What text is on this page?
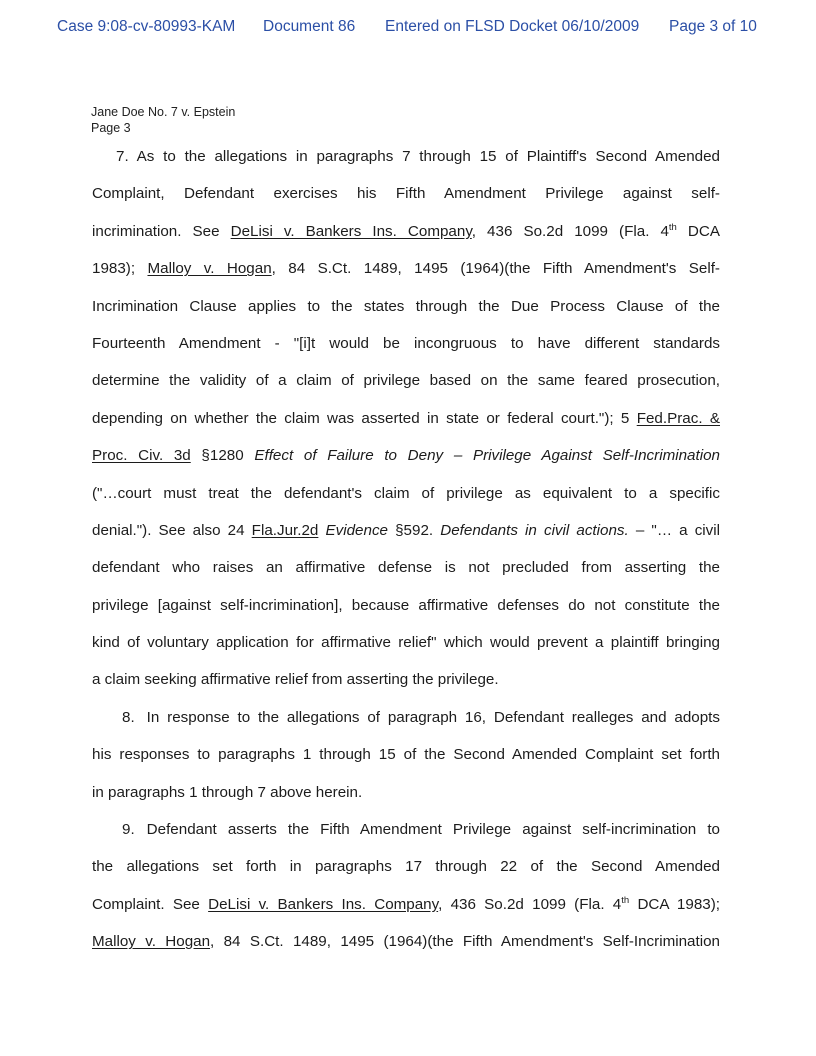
Case 9:08-cv-80993-KAM Document 86 Entered on FLSD Docket 06/10/2009 Page 3 of 10
Jane Doe No. 7 v. Epstein
Page 3
7. As to the allegations in paragraphs 7 through 15 of Plaintiff's Second Amended
Complaint, Defendant exercises his Fifth Amendment Privilege against self-
incrimination. See DeLisi v. Bankers Ins. Company, 436 So.2d 1099 (Fla. 4th DCA
1983); Malloy v. Hogan, 84 S.Ct. 1489, 1495 (1964)(the Fifth Amendment's Self-
Incrimination Clause applies to the states through the Due Process Clause of the
Fourteenth Amendment - "[i]t would be incongruous to have different standards
determine the validity of a claim of privilege based on the same feared prosecution,
depending on whether the claim was asserted in state or federal court."); 5 Fed.Prac. &
Proc. Civ. 3d §1280 Effect of Failure to Deny – Privilege Against Self-Incrimination
("…court must treat the defendant's claim of privilege as equivalent to a specific
denial."). See also 24 Fla.Jur.2d Evidence §592. Defendants in civil actions. – "… a civil
defendant who raises an affirmative defense is not precluded from asserting the
privilege [against self-incrimination], because affirmative defenses do not constitute the
kind of voluntary application for affirmative relief" which would prevent a plaintiff bringing
a claim seeking affirmative relief from asserting the privilege.
8. In response to the allegations of paragraph 16, Defendant realleges and adopts
his responses to paragraphs 1 through 15 of the Second Amended Complaint set forth
in paragraphs 1 through 7 above herein.
9. Defendant asserts the Fifth Amendment Privilege against self-incrimination to
the allegations set forth in paragraphs 17 through 22 of the Second Amended
Complaint. See DeLisi v. Bankers Ins. Company, 436 So.2d 1099 (Fla. 4th DCA 1983);
Malloy v. Hogan, 84 S.Ct. 1489, 1495 (1964)(the Fifth Amendment's Self-Incrimination
